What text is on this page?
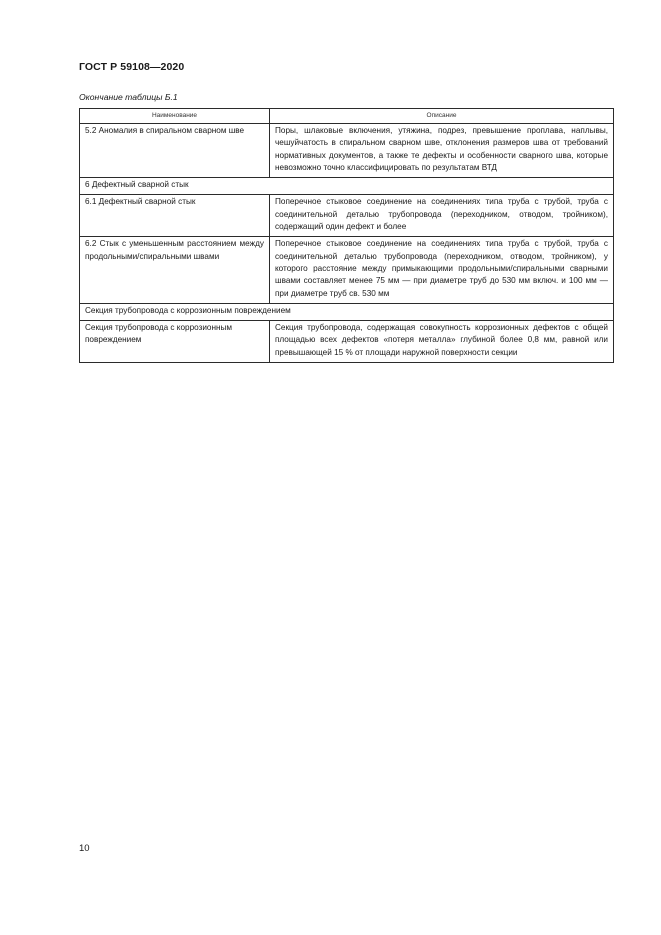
ГОСТ Р 59108—2020
Окончание таблицы Б.1
Наименование	Описание
5.2 Аномалия в спиральном сварном шве	Поры, шлаковые включения, утяжина, подрез, превышение проплава, наплывы, чешуйчатость в спиральном сварном шве, отклонения размеров шва от требований нормативных документов, а также те дефекты и особенности сварного шва, которые невозможно точно классифицировать по результатам ВТД
6 Дефектный сварной стык	
6.1 Дефектный сварной стык	Поперечное стыковое соединение на соединениях типа труба с трубой, труба с соединительной деталью трубопровода (переходником, отводом, тройником), содержащий один дефект и более
6.2 Стык с уменьшенным расстоянием между продольными/спиральными швами	Поперечное стыковое соединение на соединениях типа труба с трубой, труба с соединительной деталью трубопровода (переходником, отводом, тройником), у которого расстояние между примыкающими продольными/спиральными сварными швами составляет менее 75 мм — при диаметре труб до 530 мм включ. и 100 мм — при диаметре труб св. 530 мм
Секция трубопровода с коррозионным повреждением	
Секция трубопровода с коррозионным повреждением	Секция трубопровода, содержащая совокупность коррозионных дефектов с общей площадью всех дефектов «потеря металла» глубиной более 0,8 мм, равной или превышающей 15 % от площади наружной поверхности секции
10
